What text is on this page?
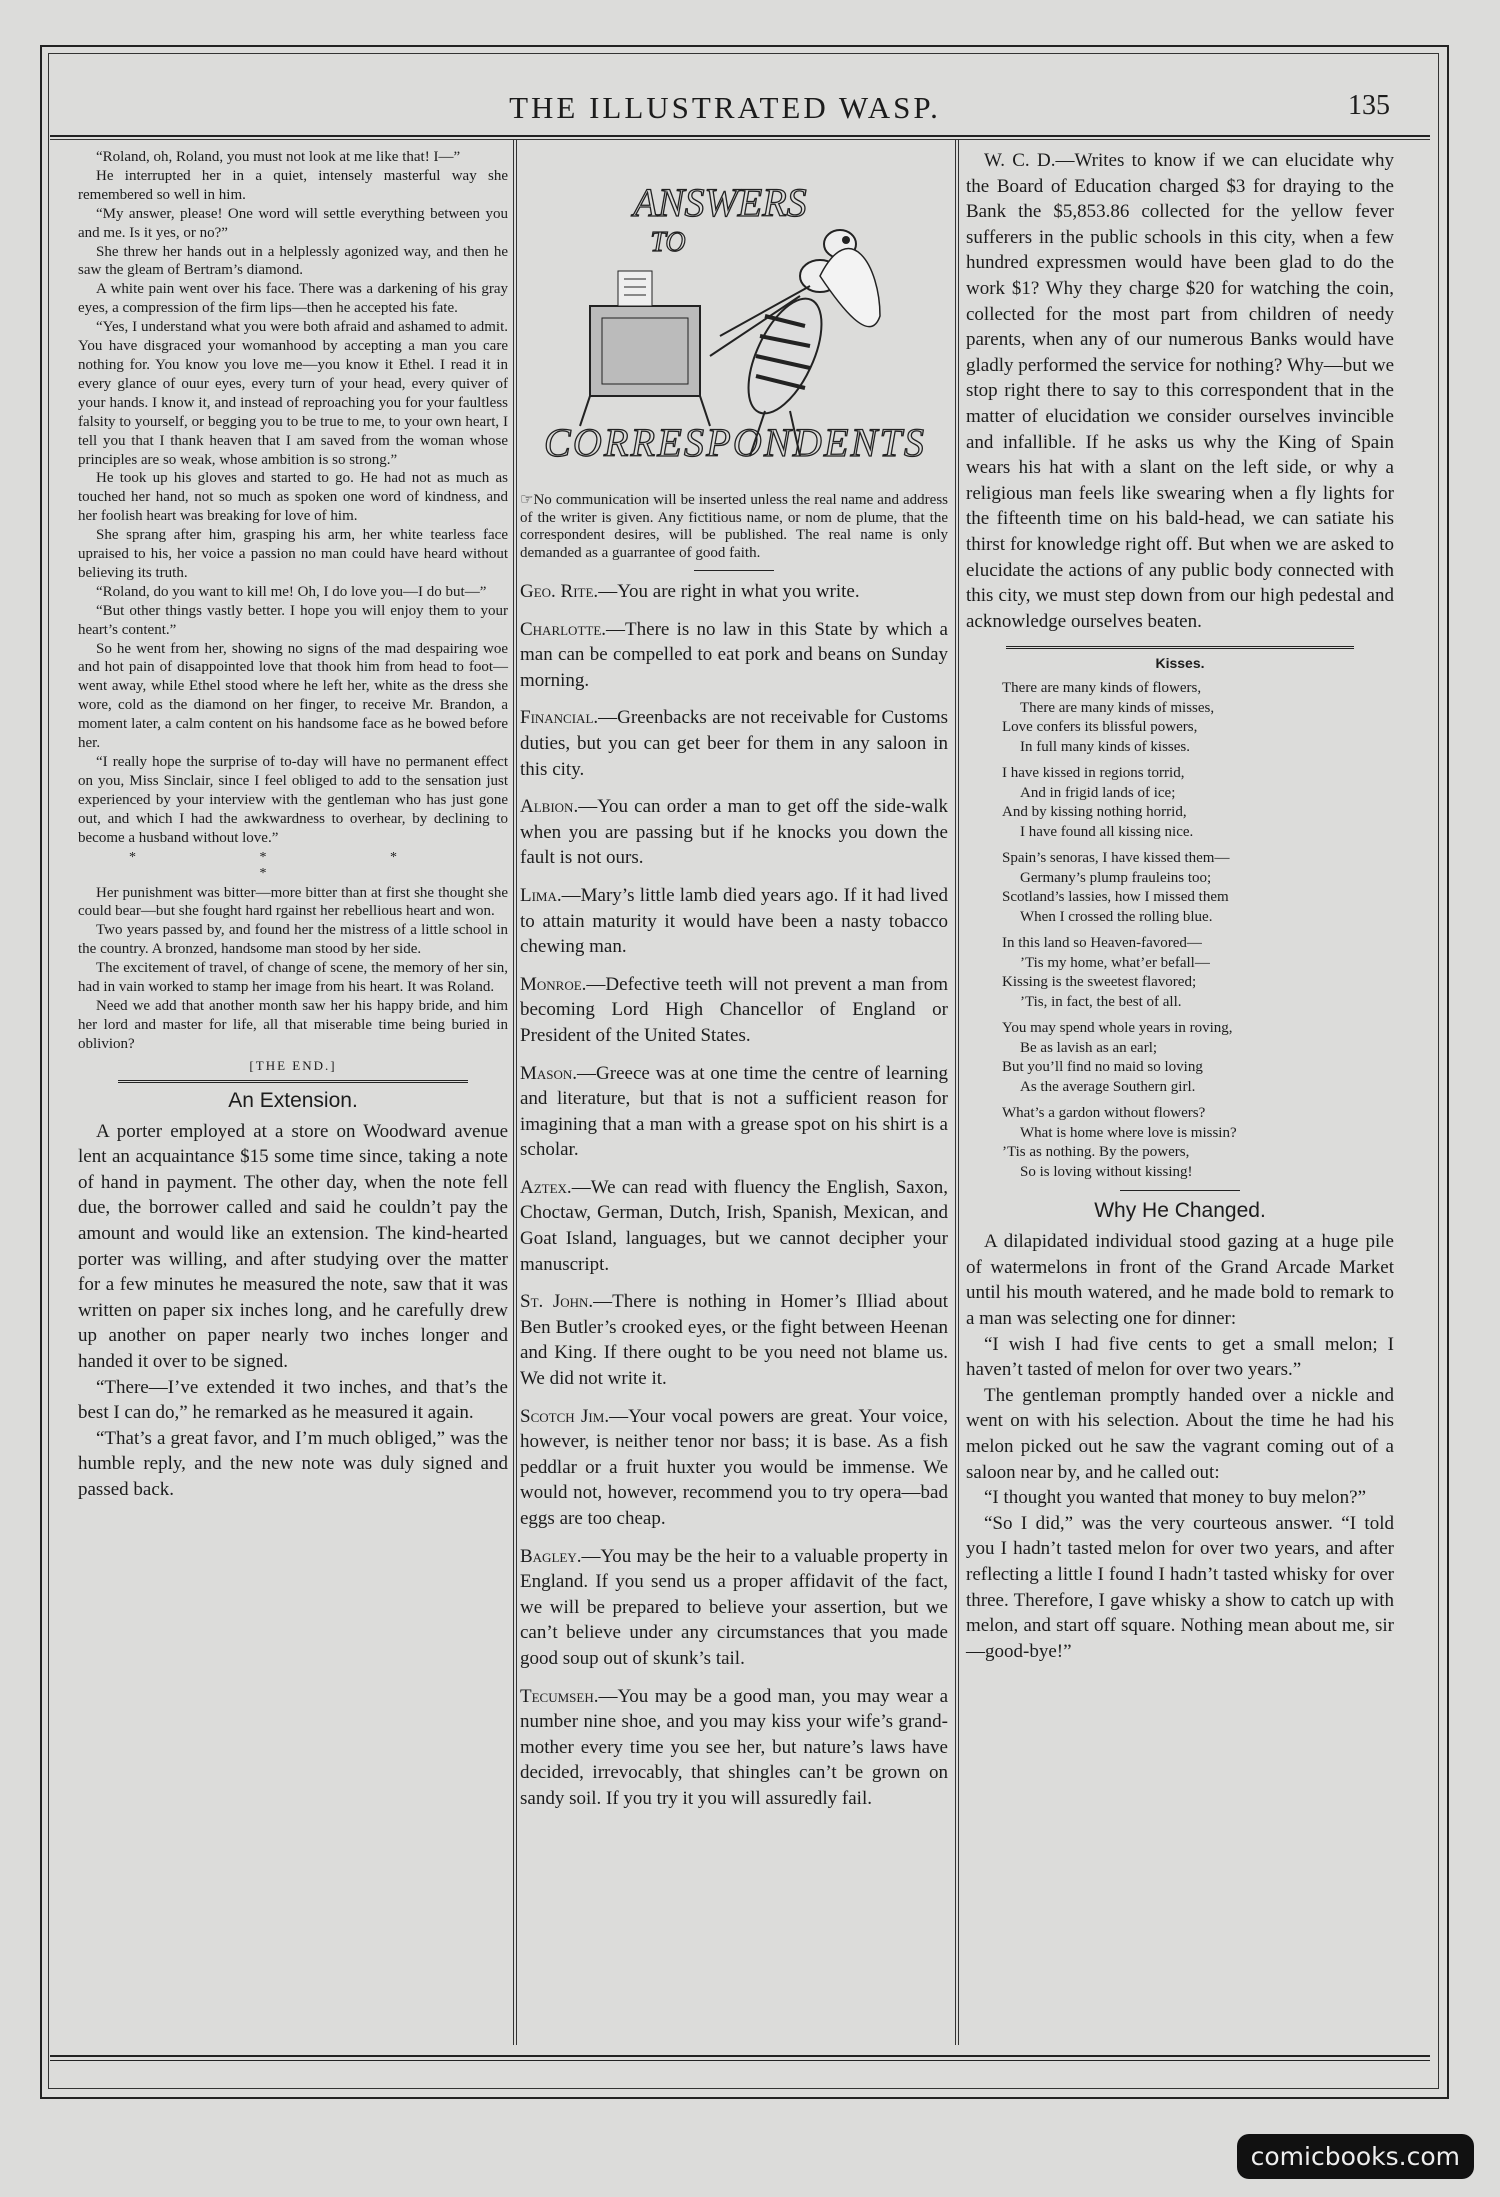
THE ILLUSTRATED WASP.	135

“Roland, oh, Roland, you must not look at me like that! I—”

He interrupted her in a quiet, intensely masterful way she remembered so well in him.

“My answer, please! One word will settle everything between you and me. Is it yes, or no?”

She threw her hands out in a helplessly agonized way, and then he saw the gleam of Bertram’s diamond.

A white pain went over his face. There was a darkening of his gray eyes, a compression of the firm lips—then he accepted his fate.

“Yes, I understand what you were both afraid and ashamed to admit. You have disgraced your womanhood by accepting a man you care nothing for. You know you love me—you know it Ethel. I read it in every glance of ouur eyes, every turn of your head, every quiver of your hands. I know it, and instead of reproaching you for your faultless falsity to yourself, or begging you to be true to me, to your own heart, I tell you that I thank heaven that I am saved from the woman whose principles are so weak, whose ambition is so strong.”

He took up his gloves and started to go. He had not as much as touched her hand, not so much as spoken one word of kindness, and her foolish heart was breaking for love of him.

She sprang after him, grasping his arm, her white tearless face upraised to his, her voice a passion no man could have heard without believing its truth.

“Roland, do you want to kill me! Oh, I do love you—I do but—”

“But other things vastly better. I hope you will enjoy them to your heart’s content.”

So he went from her, showing no signs of the mad despairing woe and hot pain of disappointed love that thook him from head to foot—went away, while Ethel stood where he left her, white as the dress she wore, cold as the diamond on her finger, to receive Mr. Brandon, a moment later, a calm content on his handsome face as he bowed before her.

“I really hope the surprise of to-day will have no permanent effect on you, Miss Sinclair, since I feel obliged to add to the sensation just experienced by your interview with the gentleman who has just gone out, and which I had the awkwardness to overhear, by declining to become a husband without love.”

* * * *

Her punishment was bitter—more bitter than at first she thought she could bear—but she fought hard rgainst her rebellious heart and won.

Two years passed by, and found her the mistress of a little school in the country. A bronzed, handsome man stood by her side.

The excitement of travel, of change of scene, the memory of her sin, had in vain worked to stamp her image from his heart. It was Roland.

Need we add that another month saw her his happy bride, and him her lord and master for life, all that miserable time being buried in oblivion?

[THE END.]
An Extension.

A porter employed at a store on Woodward avenue lent an acquaintance $15 some time since, taking a note of hand in payment. The other day, when the note fell due, the borrower called and said he couldn’t pay the amount and would like an extension. The kind-hearted porter was willing, and after studying over the matter for a few minutes he measured the note, saw that it was written on paper six inches long, and he carefully drew up another on paper nearly two inches longer and handed it over to be signed.

“There—I’ve extended it two inches, and that’s the best I can do,” he remarked as he measured it again.

“That’s a great favor, and I’m much obliged,” was the humble reply, and the new note was duly signed and passed back.

ANSWERS
TO
CORRESPONDENTS
☞No communication will be inserted unless the real name and address of the writer is given. Any fictitious name, or nom de plume, that the correspondent desires, will be published. The real name is only demanded as a guarrantee of good faith.

Geo. Rite.—You are right in what you write.

Charlotte.—There is no law in this State by which a man can be compelled to eat pork and beans on Sunday morning.

Financial.—Greenbacks are not receivable for Customs duties, but you can get beer for them in any saloon in this city.

Albion.—You can order a man to get off the side-walk when you are passing but if he knocks you down the fault is not ours.

Lima.—Mary’s little lamb died years ago. If it had lived to attain maturity it would have been a nasty tobacco chewing man.

Monroe.—Defective teeth will not prevent a man from becoming Lord High Chancellor of England or President of the United States.

Mason.—Greece was at one time the centre of learning and literature, but that is not a sufficient reason for imagining that a man with a grease spot on his shirt is a scholar.

Aztex.—We can read with fluency the English, Saxon, Choctaw, German, Dutch, Irish, Spanish, Mexican, and Goat Island, languages, but we cannot decipher your manuscript.

St. John.—There is nothing in Homer’s Illiad about Ben Butler’s crooked eyes, or the fight between Heenan and King. If there ought to be you need not blame us. We did not write it.

Scotch Jim.—Your vocal powers are great. Your voice, however, is neither tenor nor bass; it is base. As a fish peddlar or a fruit huxter you would be immense. We would not, however, recommend you to try opera—bad eggs are too cheap.

Bagley.—You may be the heir to a valuable property in England. If you send us a proper affidavit of the fact, we will be prepared to believe your assertion, but we can’t believe under any circumstances that you made good soup out of skunk’s tail.

Tecumseh.—You may be a good man, you may wear a number nine shoe, and you may kiss your wife’s grand-mother every time you see her, but nature’s laws have decided, irrevocably, that shingles can’t be grown on sandy soil. If you try it you will assuredly fail.

W. C. D.—Writes to know if we can elucidate why the Board of Education charged $3 for draying to the Bank the $5,853.86 collected for the yellow fever sufferers in the public schools in this city, when a few hundred expressmen would have been glad to do the work $1? Why they charge $20 for watching the coin, collected for the most part from children of needy parents, when any of our numerous Banks would have gladly performed the service for nothing? Why—but we stop right there to say to this correspondent that in the matter of elucidation we consider ourselves invincible and infallible. If he asks us why the King of Spain wears his hat with a slant on the left side, or why a religious man feels like swearing when a fly lights for the fifteenth time on his bald-head, we can satiate his thirst for knowledge right off. But when we are asked to elucidate the actions of any public body connected with this city, we must step down from our high pedestal and acknowledge ourselves beaten.

Kisses.
There are many kinds of flowers,
There are many kinds of misses,
Love confers its blissful powers,
In full many kinds of kisses.
I have kissed in regions torrid,
And in frigid lands of ice;
And by kissing nothing horrid,
I have found all kissing nice.
Spain’s senoras, I have kissed them—
Germany’s plump frauleins too;
Scotland’s lassies, how I missed them
When I crossed the rolling blue.
In this land so Heaven-favored—
’Tis my home, what’er befall—
Kissing is the sweetest flavored;
’Tis, in fact, the best of all.
You may spend whole years in roving,
Be as lavish as an earl;
But you’ll find no maid so loving
As the average Southern girl.
What’s a gardon without flowers?
What is home where love is missin?
’Tis as nothing. By the powers,
So is loving without kissing!
Why He Changed.

A dilapidated individual stood gazing at a huge pile of watermelons in front of the Grand Arcade Market until his mouth watered, and he made bold to remark to a man was selecting one for dinner:

“I wish I had five cents to get a small melon; I haven’t tasted of melon for over two years.”

The gentleman promptly handed over a nickle and went on with his selection. About the time he had his melon picked out he saw the vagrant coming out of a saloon near by, and he called out:

“I thought you wanted that money to buy melon?”

“So I did,” was the very courteous answer. “I told you I hadn’t tasted melon for over two years, and after reflecting a little I found I hadn’t tasted whisky for over three. Therefore, I gave whisky a show to catch up with melon, and start off square. Nothing mean about me, sir—good-bye!”

comicbooks.com
